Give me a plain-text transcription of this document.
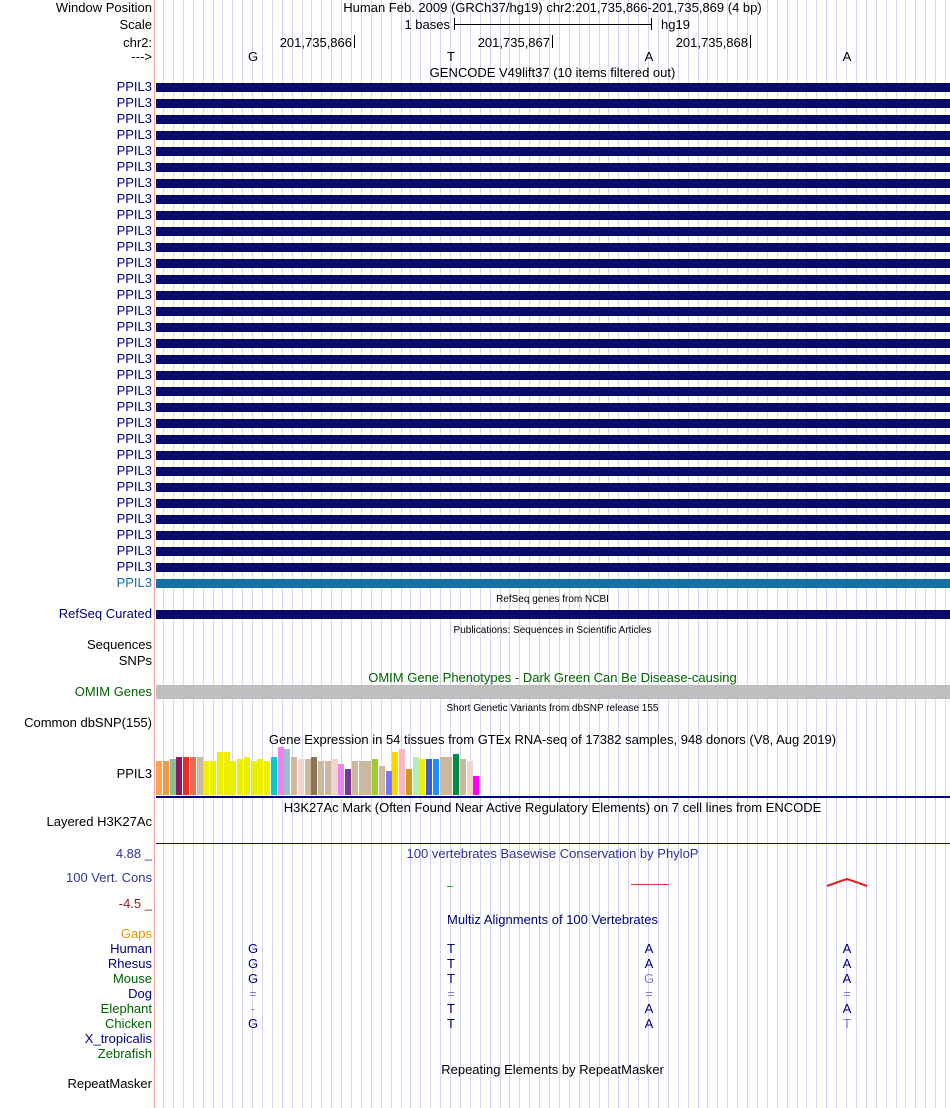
Window Position	Human Feb. 2009 (GRCh37/hg19) chr2:201,735,866-201,735,869 (4 bp)
Scale	1 bases	hg19
chr2:	201,735,866	201,735,867	201,735,868
--->	G	T	A	A
GENCODE V49lift37 (10 items filtered out)
PPIL3
PPIL3
PPIL3
PPIL3
PPIL3
PPIL3
PPIL3
PPIL3
PPIL3
PPIL3
PPIL3
PPIL3
PPIL3
PPIL3
PPIL3
PPIL3
PPIL3
PPIL3
PPIL3
PPIL3
PPIL3
PPIL3
PPIL3
PPIL3
PPIL3
PPIL3
PPIL3
PPIL3
PPIL3
PPIL3
PPIL3
PPIL3
RefSeq genes from NCBI
RefSeq Curated
Publications: Sequences in Scientific Articles
Sequences
SNPs
OMIM Gene Phenotypes - Dark Green Can Be Disease-causing
OMIM Genes
Short Genetic Variants from dbSNP release 155
Common dbSNP(155)
Gene Expression in 54 tissues from GTEx RNA-seq of 17382 samples, 948 donors (V8, Aug 2019)
PPIL3
H3K27Ac Mark (Often Found Near Active Regulatory Elements) on 7 cell lines from ENCODE
Layered H3K27Ac
100 vertebrates Basewise Conservation by PhyloP
4.88 _
100 Vert. Cons
-4.5 _
Multiz Alignments of 100 Vertebrates
Gaps
Human	G	T	A	A
Rhesus	G	T	A	A
Mouse	G	T	G	A
Dog	=	=	=	=
Elephant	-	T	A	A
Chicken	G	T	A	T
X_tropicalis
Zebrafish
Repeating Elements by RepeatMasker
RepeatMasker
